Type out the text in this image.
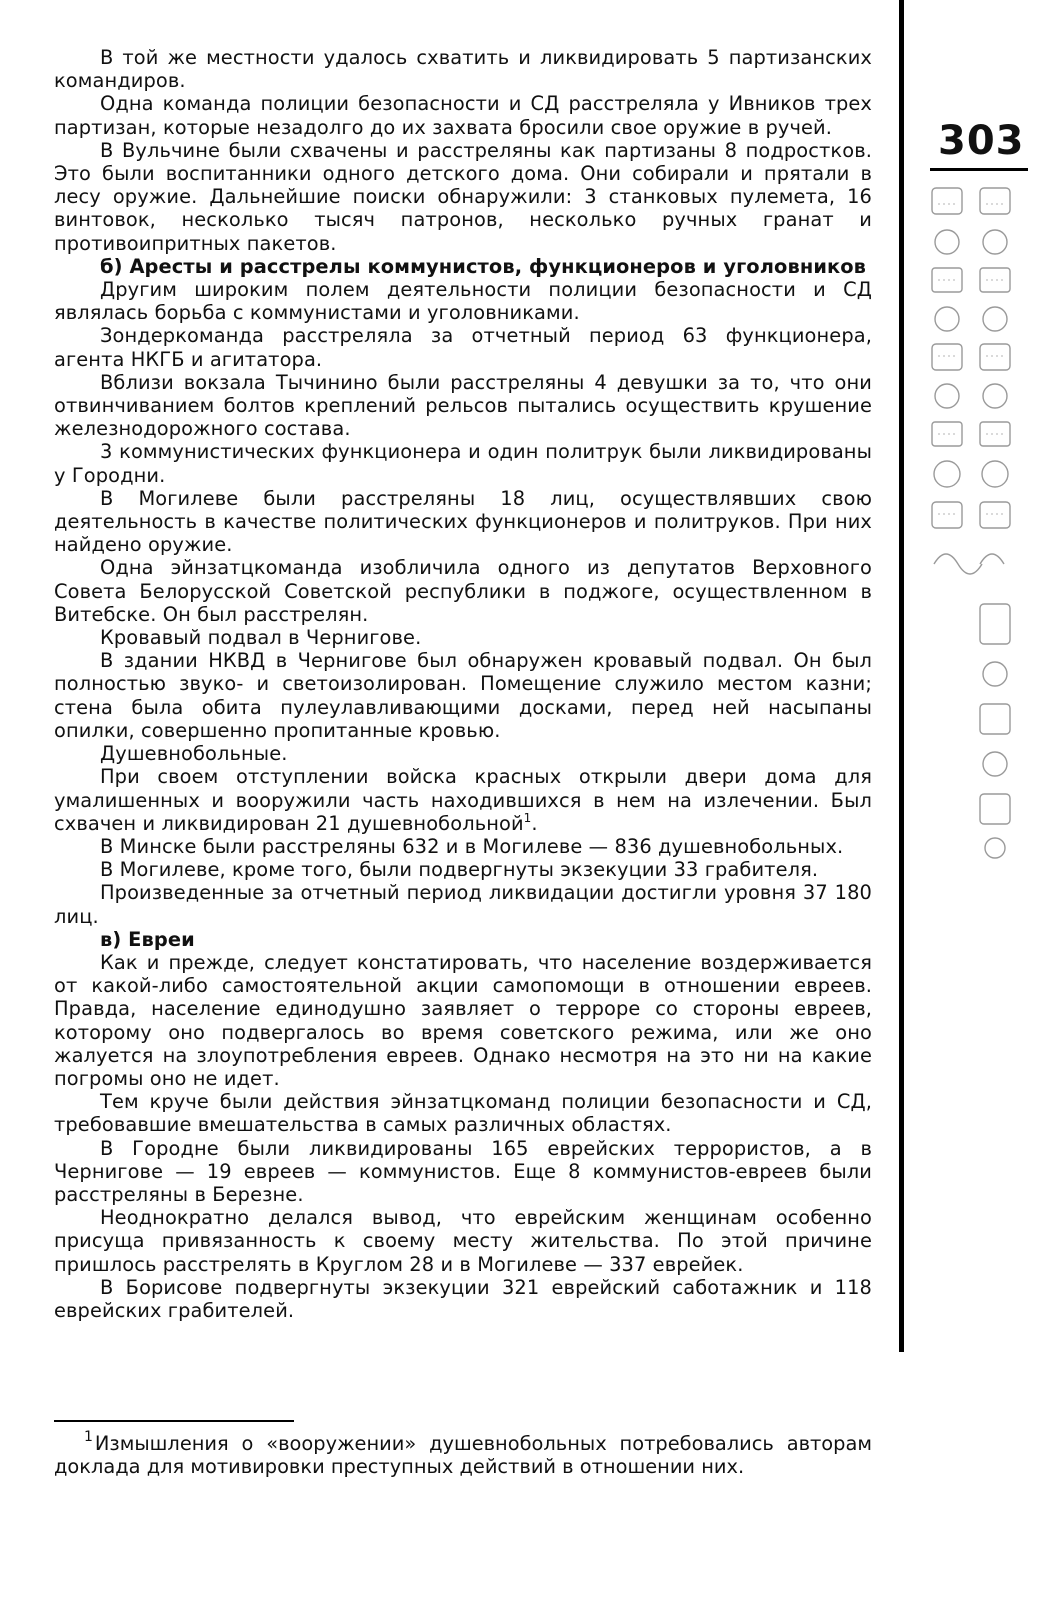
В той же местности удалось схватить и ликвидировать 5 партизанских командиров.

Одна команда полиции безопасности и СД расстреляла у Ивников трех партизан, которые незадолго до их захвата бросили свое оружие в ручей.

В Вульчине были схвачены и расстреляны как партизаны 8 подростков. Это были воспитанники одного детского дома. Они собирали и прятали в лесу оружие. Дальнейшие поиски обнаружили: 3 станковых пулемета, 16 винтовок, несколько тысяч патронов, несколько ручных гранат и противоипритных пакетов.

б) Аресты и расстрелы коммунистов, функционеров и уголовников

Другим широким полем деятельности полиции безопасности и СД являлась борьба с коммунистами и уголовниками.

Зондеркоманда расстреляла за отчетный период 63 функционера, агента НКГБ и агитатора.

Вблизи вокзала Тычинино были расстреляны 4 девушки за то, что они отвинчиванием болтов креплений рельсов пытались осуществить крушение железнодорожного состава.

3 коммунистических функционера и один политрук были ликвидированы у Городни.

В Могилеве были расстреляны 18 лиц, осуществлявших свою деятельность в качестве политических функционеров и политруков. При них найдено оружие.

Одна эйнзатцкоманда изобличила одного из депутатов Верховного Совета Белорусской Советской республики в поджоге, осуществленном в Витебске. Он был расстрелян.

Кровавый подвал в Чернигове.

В здании НКВД в Чернигове был обнаружен кровавый подвал. Он был полностью звуко- и светоизолирован. Помещение служило местом казни; стена была обита пулеулавливающими досками, перед ней насыпаны опилки, совершенно пропитанные кровью.

Душевнобольные.

При своем отступлении войска красных открыли двери дома для умалишенных и вооружили часть находившихся в нем на излечении. Был схвачен и ликвидирован 21 душевнобольной$^1$.

В Минске были расстреляны 632 и в Могилеве — 836 душевнобольных.

В Могилеве, кроме того, были подвергнуты экзекуции 33 грабителя.

Произведенные за отчетный период ликвидации достигли уровня 37 180 лиц.

в) Евреи

Как и прежде, следует констатировать, что население воздерживается от какой-либо самостоятельной акции самопомощи в отношении евреев. Правда, население единодушно заявляет о терроре со стороны евреев, которому оно подвергалось во время советского режима, или же оно жалуется на злоупотребления евреев. Однако несмотря на это ни на какие погромы оно не идет.

Тем круче были действия эйнзатцкоманд полиции безопасности и СД, требовавшие вмешательства в самых различных областях.

В Городне были ликвидированы 165 еврейских террористов, а в Чернигове — 19 евреев — коммунистов. Еще 8 коммунистов-евреев были расстреляны в Березне.

Неоднократно делался вывод, что еврейским женщинам особенно присуща привязанность к своему месту жительства. По этой причине пришлось расстрелять в Круглом 28 и в Могилеве — 337 еврейек.

В Борисове подвергнуты экзекуции 321 еврейский саботажник и 118 еврейских грабителей.

303
$^1$ Измышления о «вооружении» душевнобольных потребовались авторам доклада для мотивировки преступных действий в отношении них.
